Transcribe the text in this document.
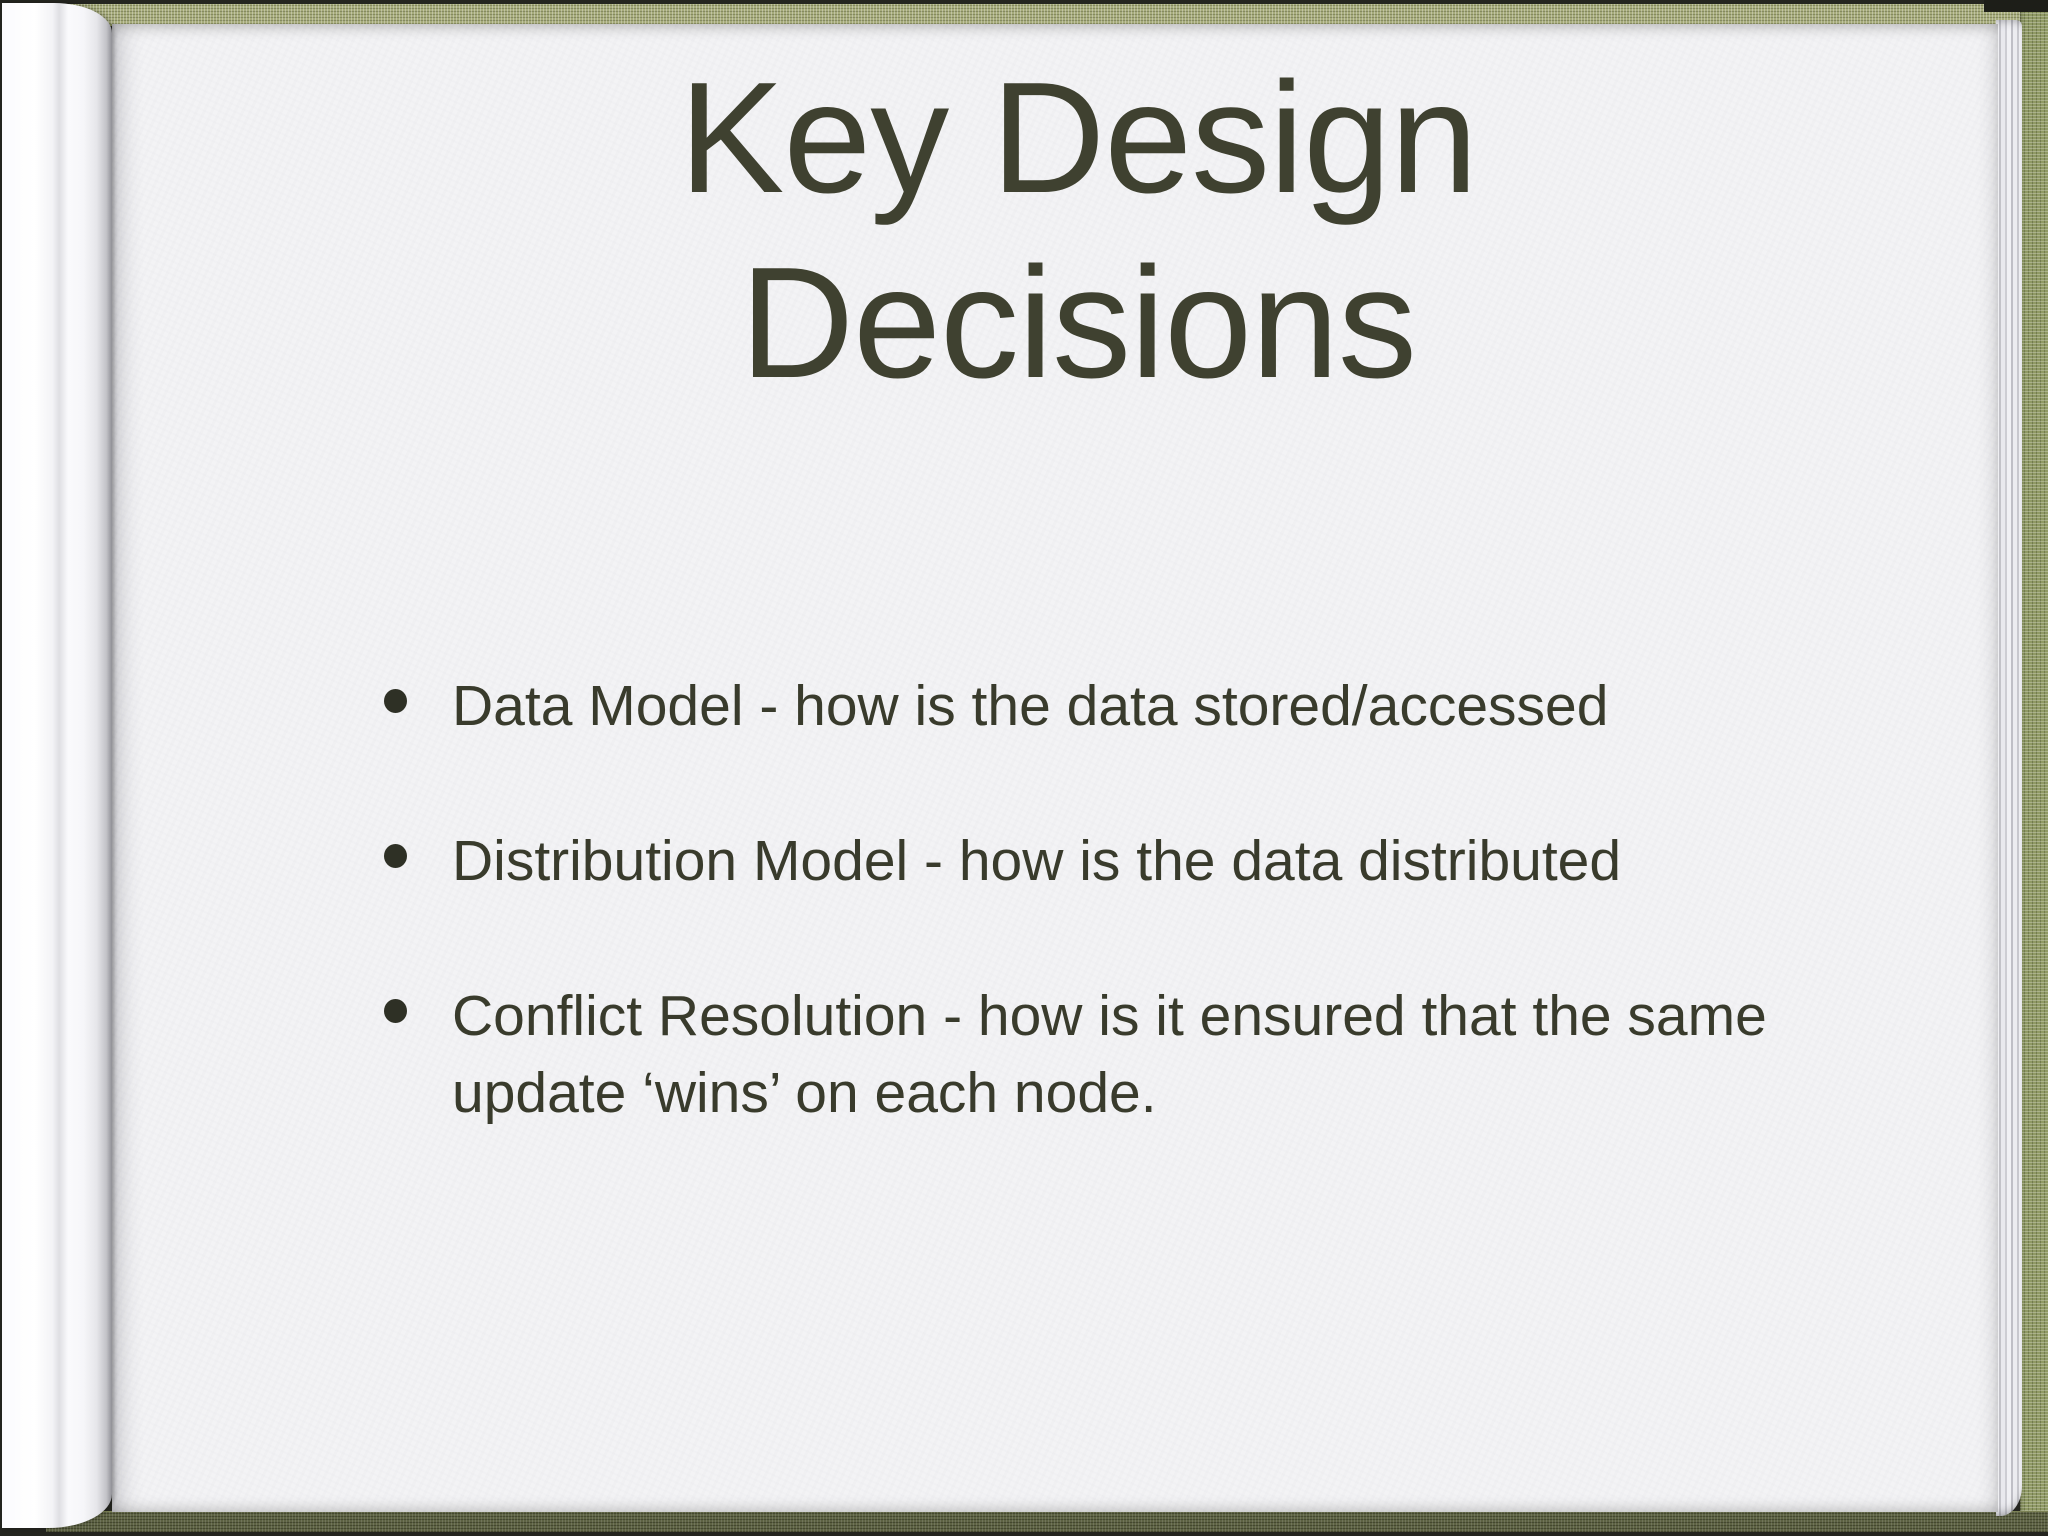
Key Design Decisions
Data Model - how is the data stored/accessed
Distribution Model - how is the data distributed
Conflict Resolution - how is it ensured that the same update ‘wins’ on each node.
